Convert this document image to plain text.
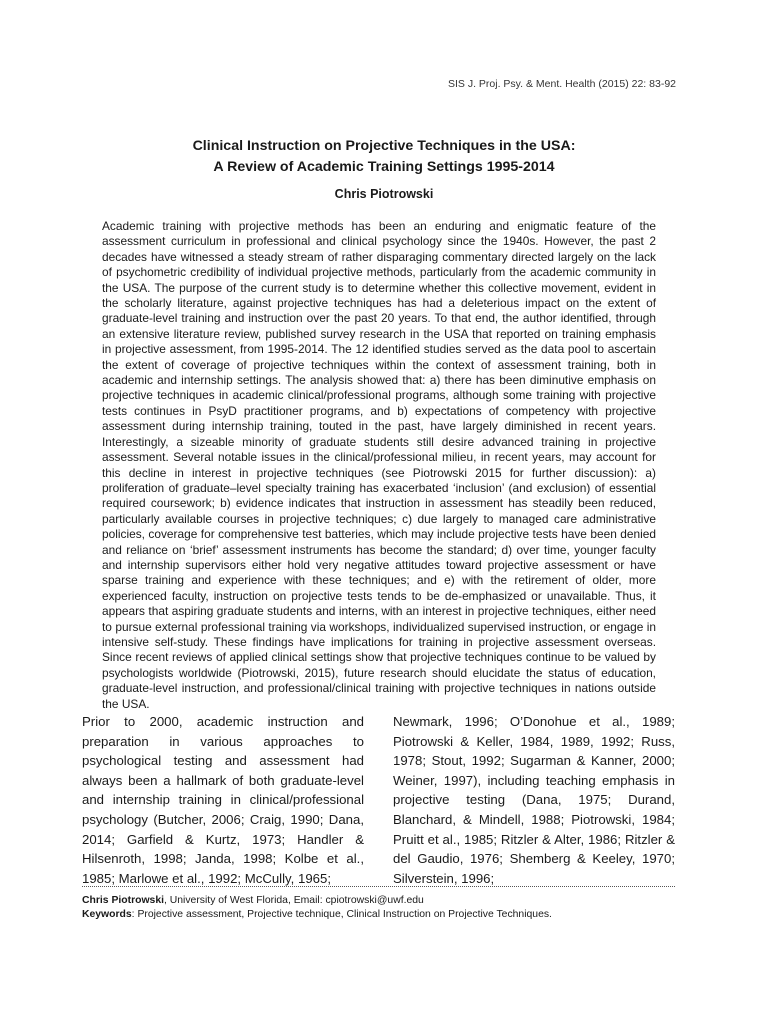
SIS J. Proj. Psy. & Ment. Health (2015) 22: 83-92
Clinical Instruction on Projective Techniques in the USA:
A Review of Academic Training Settings 1995-2014
Chris Piotrowski

Academic training with projective methods has been an enduring and enigmatic feature of the assessment curriculum in professional and clinical psychology since the 1940s. However, the past 2 decades have witnessed a steady stream of rather disparaging commentary directed largely on the lack of psychometric credibility of individual projective methods, particularly from the academic community in the USA. The purpose of the current study is to determine whether this collective movement, evident in the scholarly literature, against projective techniques has had a deleterious impact on the extent of graduate-level training and instruction over the past 20 years. To that end, the author identified, through an extensive literature review, published survey research in the USA that reported on training emphasis in projective assessment, from 1995-2014. The 12 identified studies served as the data pool to ascertain the extent of coverage of projective techniques within the context of assessment training, both in academic and internship settings. The analysis showed that: a) there has been diminutive emphasis on projective techniques in academic clinical/professional programs, although some training with projective tests continues in PsyD practitioner programs, and b) expectations of competency with projective assessment during internship training, touted in the past, have largely diminished in recent years. Interestingly, a sizeable minority of graduate students still desire advanced training in projective assessment. Several notable issues in the clinical/professional milieu, in recent years, may account for this decline in interest in projective techniques (see Piotrowski 2015 for further discussion): a) proliferation of graduate–level specialty training has exacerbated ‘inclusion’ (and exclusion) of essential required coursework; b) evidence indicates that instruction in assessment has steadily been reduced, particularly available courses in projective techniques; c) due largely to managed care administrative policies, coverage for comprehensive test batteries, which may include projective tests have been denied and reliance on ‘brief’ assessment instruments has become the standard; d) over time, younger faculty and internship supervisors either hold very negative attitudes toward projective assessment or have sparse training and experience with these techniques; and e) with the retirement of older, more experienced faculty, instruction on projective tests tends to be de-emphasized or unavailable. Thus, it appears that aspiring graduate students and interns, with an interest in projective techniques, either need to pursue external professional training via workshops, individualized supervised instruction, or engage in intensive self-study. These findings have implications for training in projective assessment overseas. Since recent reviews of applied clinical settings show that projective techniques continue to be valued by psychologists worldwide (Piotrowski, 2015), future research should elucidate the status of education, graduate-level instruction, and professional/clinical training with projective techniques in nations outside the USA.

Prior to 2000, academic instruction and preparation in various approaches to psychological testing and assessment had always been a hallmark of both graduate-level and internship training in clinical/professional psychology (Butcher, 2006; Craig, 1990; Dana, 2014; Garfield & Kurtz, 1973; Handler & Hilsenroth, 1998; Janda, 1998; Kolbe et al., 1985; Marlowe et al., 1992; McCully, 1965;

Newmark, 1996; O’Donohue et al., 1989; Piotrowski & Keller, 1984, 1989, 1992; Russ, 1978; Stout, 1992; Sugarman & Kanner, 2000; Weiner, 1997), including teaching emphasis in projective testing (Dana, 1975; Durand, Blanchard, & Mindell, 1988; Piotrowski, 1984; Pruitt et al., 1985; Ritzler & Alter, 1986; Ritzler & del Gaudio, 1976; Shemberg & Keeley, 1970; Silverstein, 1996;

Chris Piotrowski, University of West Florida, Email: cpiotrowski@uwf.edu
Keywords: Projective assessment, Projective technique, Clinical Instruction on Projective Techniques.
